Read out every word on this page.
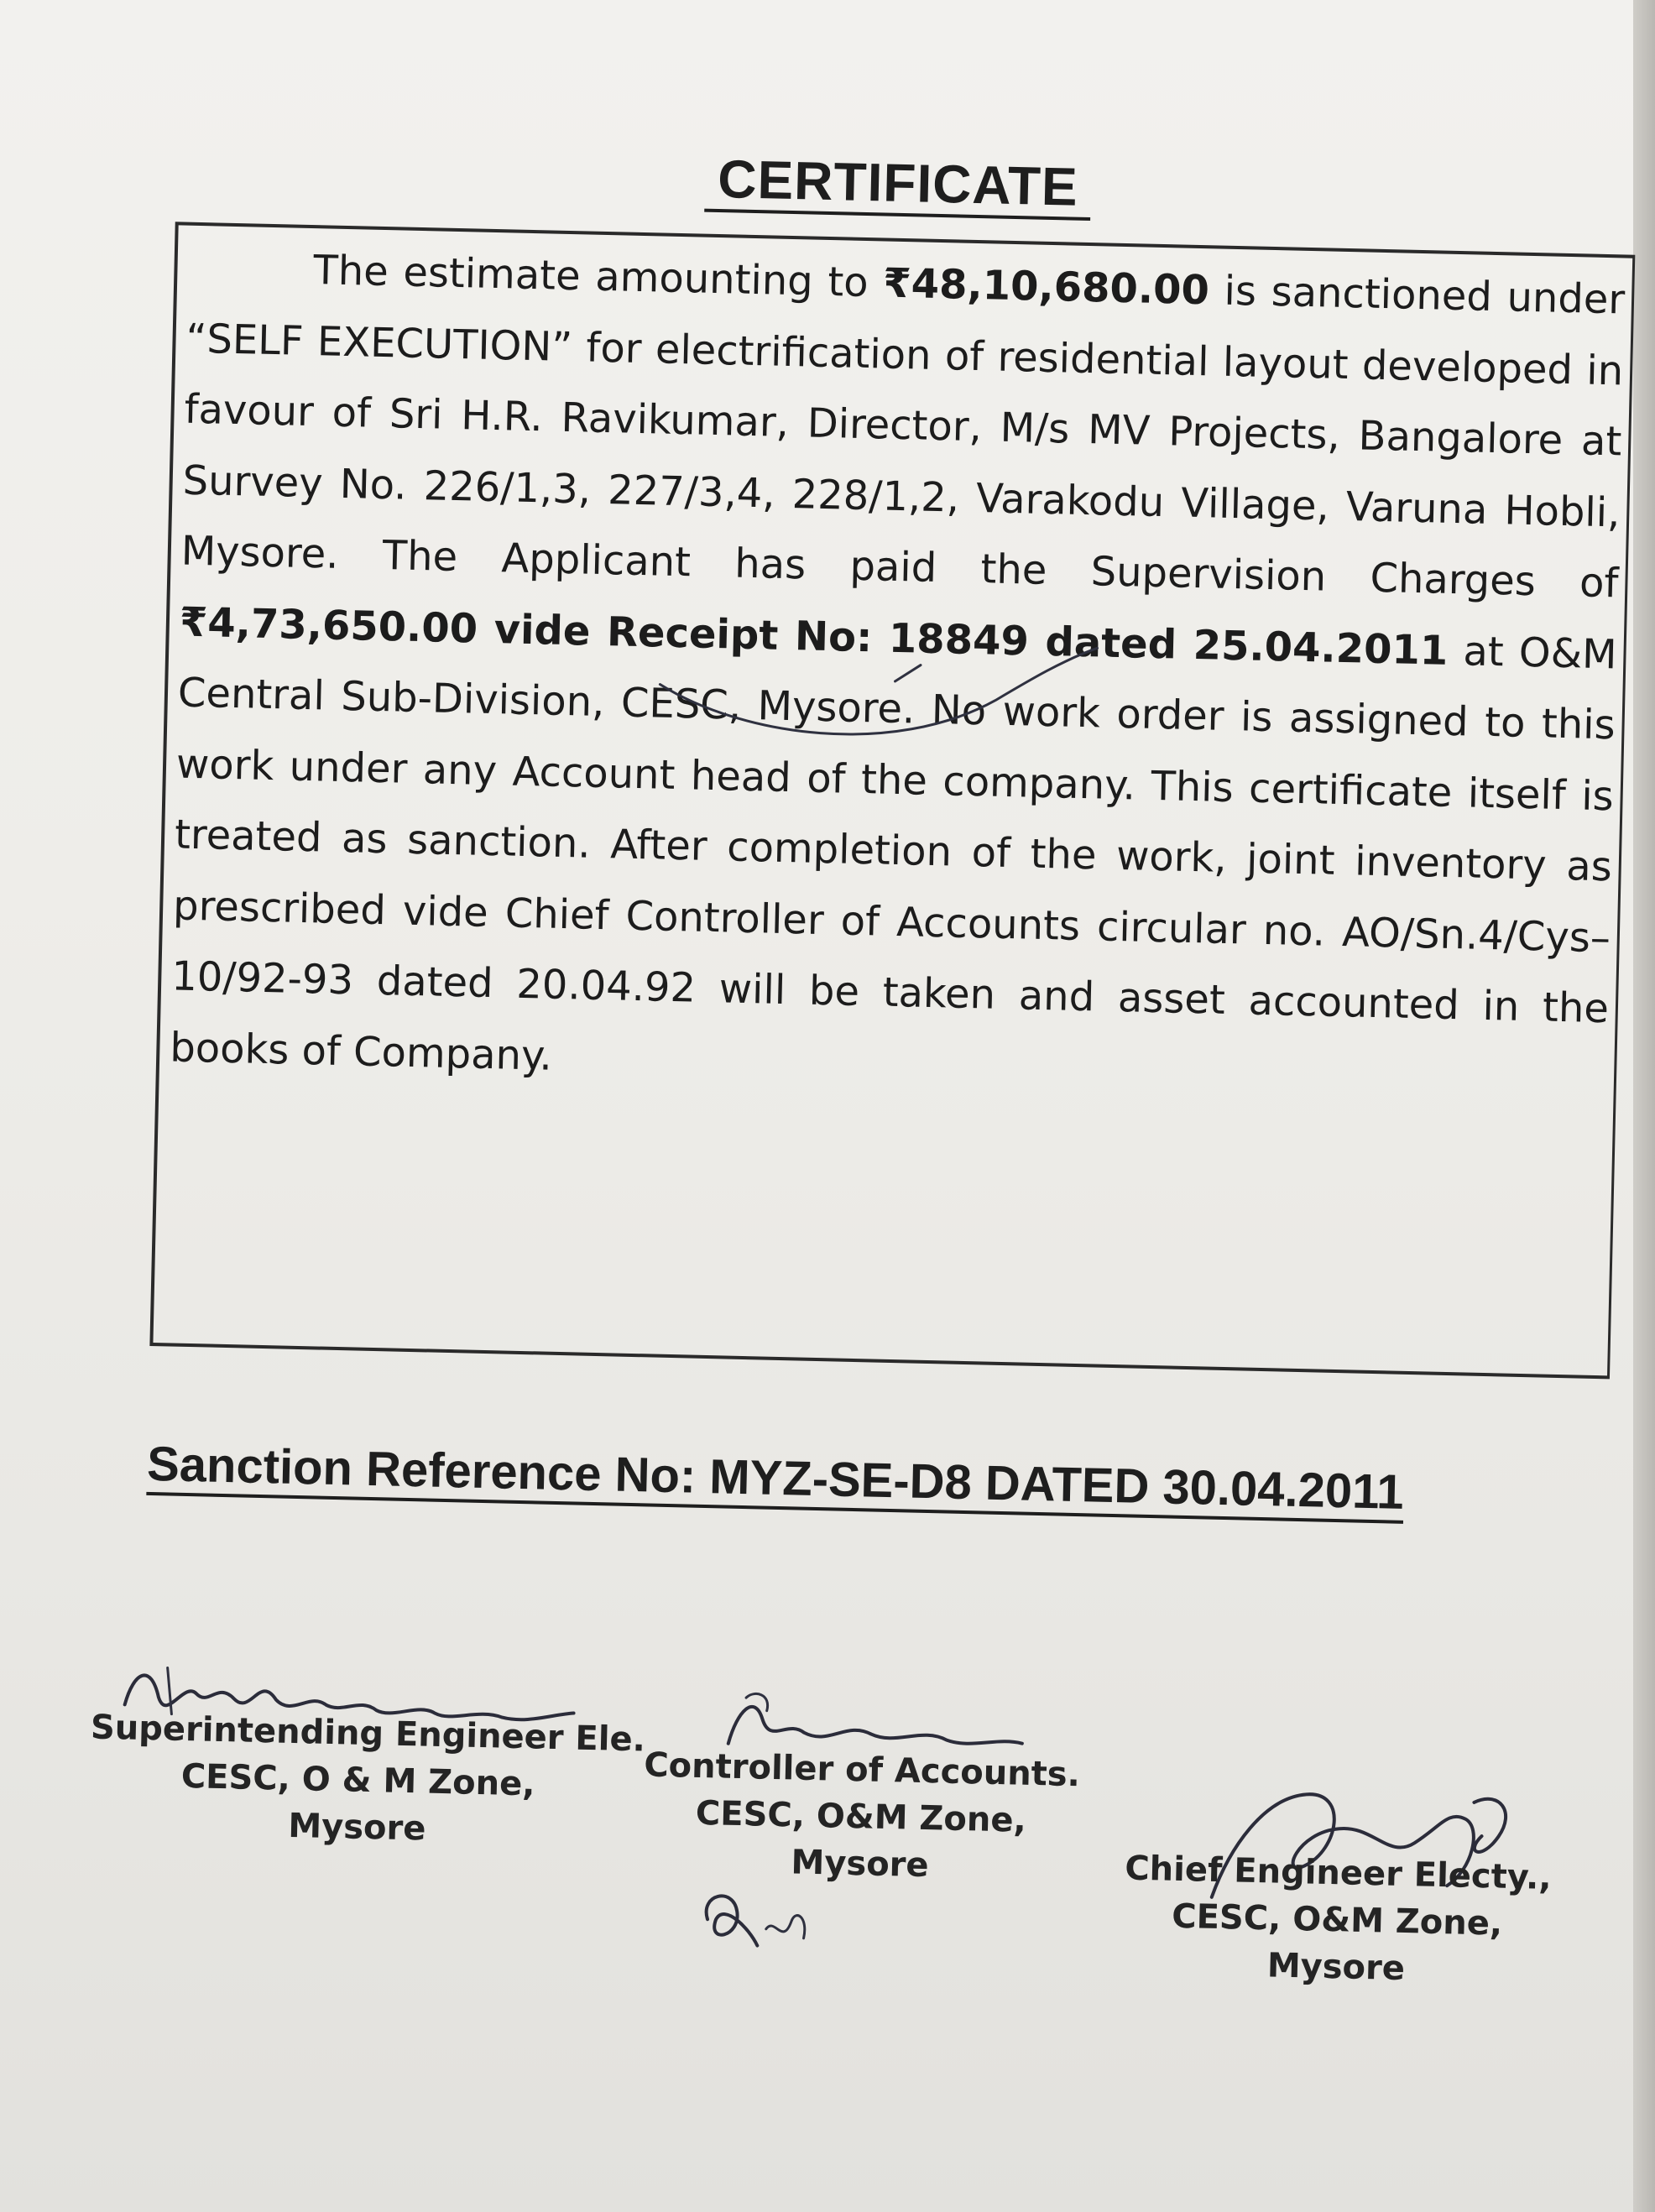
CERTIFICATE

The estimate amounting to ₹48,10,680.00 is sanctioned under “SELF EXECUTION” for electrification of residential layout developed in favour of Sri H.R. Ravikumar, Director, M/s MV Projects, Bangalore at Survey No. 226/1,3, 227/3,4, 228/1,2, Varakodu Village, Varuna Hobli, Mysore. The Applicant has paid the Supervision Charges of ₹4,73,650.00 vide Receipt No: 18849 dated 25.04.2011 at O&M Central Sub-Division, CESC, Mysore. No work order is assigned to this work under any Account head of the company. This certificate itself is treated as sanction. After completion of the work, joint inventory as prescribed vide Chief Controller of Accounts circular no. AO/Sn.4/Cys–10/92-93 dated 20.04.92 will be taken and asset accounted in the books of Company.

Sanction Reference No: MYZ-SE-D8 DATED 30.04.2011
Superintending Engineer Ele.
CESC, O & M Zone,
Mysore
Controller of Accounts.
CESC, O&M Zone,
Mysore	Chief Engineer Electy.,
CESC, O&M Zone,
Mysore
